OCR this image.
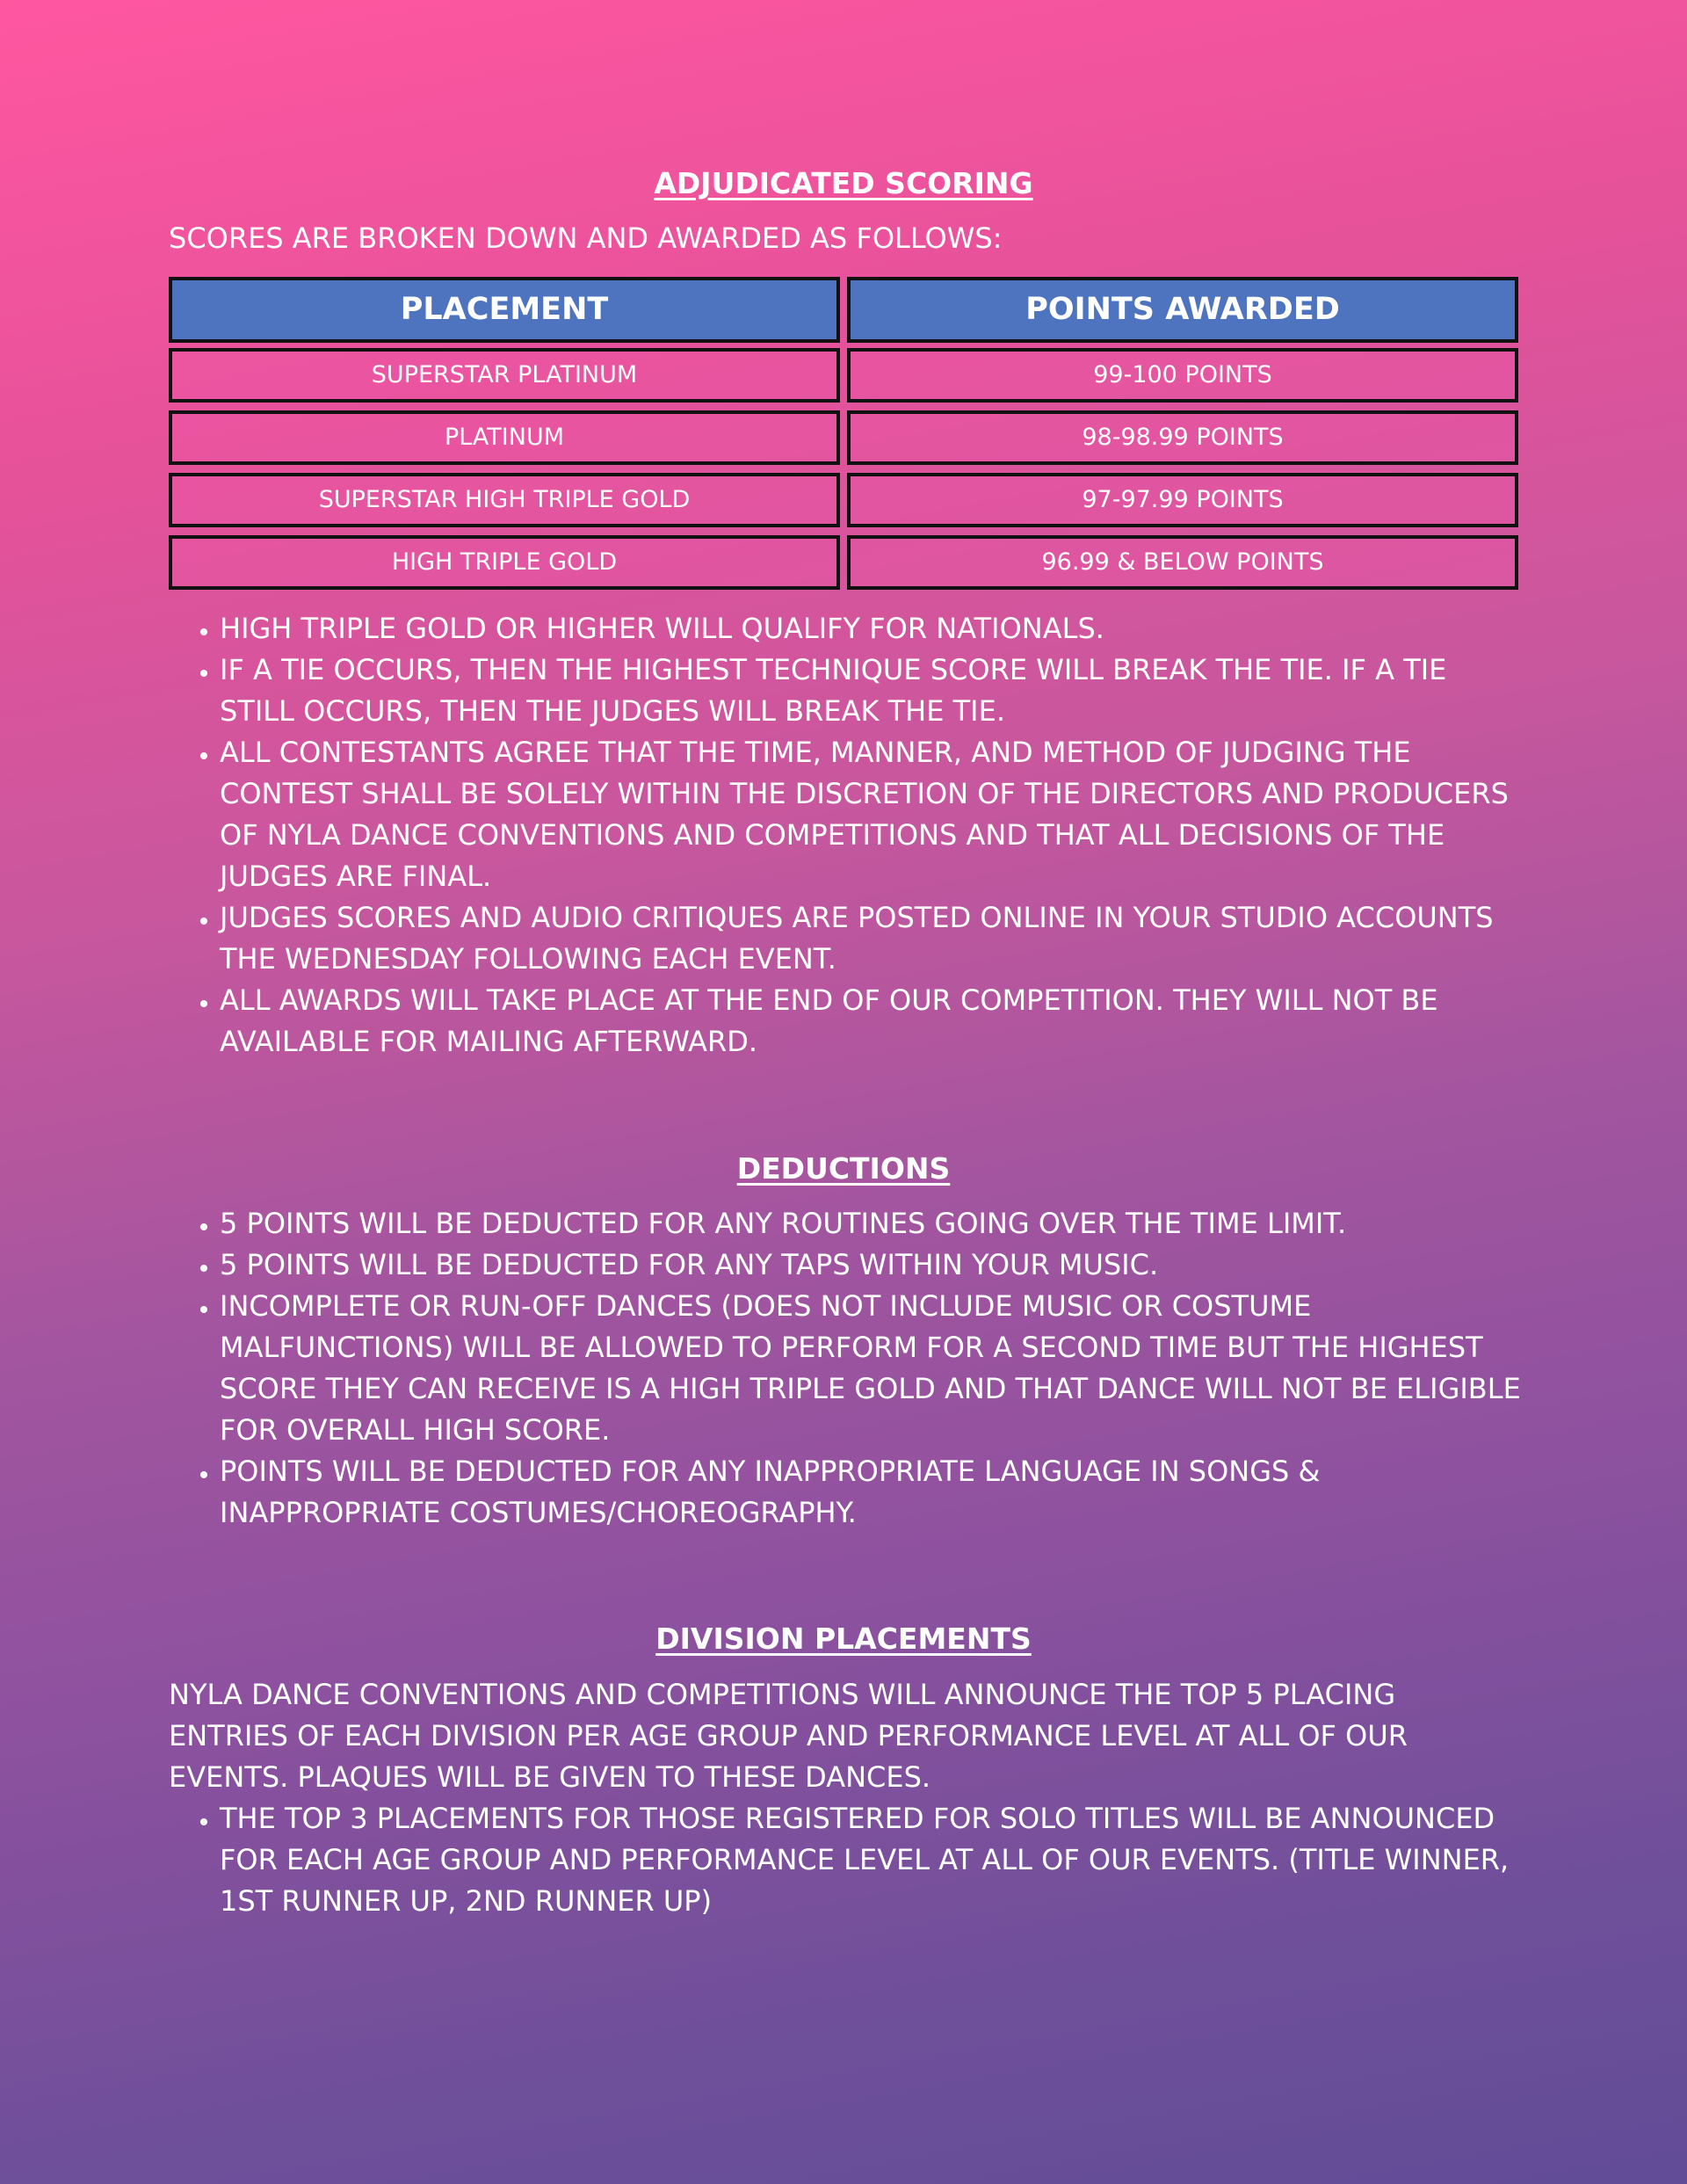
ADJUDICATED SCORING

SCORES ARE BROKEN DOWN AND AWARDED AS FOLLOWS:

PLACEMENT	POINTS AWARDED
SUPERSTAR PLATINUM	99-100 POINTS
PLATINUM	98-98.99 POINTS
SUPERSTAR HIGH TRIPLE GOLD	97-97.99 POINTS
HIGH TRIPLE GOLD	96.99 & BELOW POINTS
• HIGH TRIPLE GOLD OR HIGHER WILL QUALIFY FOR NATIONALS.
• IF A TIE OCCURS, THEN THE HIGHEST TECHNIQUE SCORE WILL BREAK THE TIE. IF A TIE STILL OCCURS, THEN THE JUDGES WILL BREAK THE TIE.
• ALL CONTESTANTS AGREE THAT THE TIME, MANNER, AND METHOD OF JUDGING THE CONTEST SHALL BE SOLELY WITHIN THE DISCRETION OF THE DIRECTORS AND PRODUCERS OF NYLA DANCE CONVENTIONS AND COMPETITIONS AND THAT ALL DECISIONS OF THE JUDGES ARE FINAL.
• JUDGES SCORES AND AUDIO CRITIQUES ARE POSTED ONLINE IN YOUR STUDIO ACCOUNTS THE WEDNESDAY FOLLOWING EACH EVENT.
• ALL AWARDS WILL TAKE PLACE AT THE END OF OUR COMPETITION. THEY WILL NOT BE AVAILABLE FOR MAILING AFTERWARD.
DEDUCTIONS
• 5 POINTS WILL BE DEDUCTED FOR ANY ROUTINES GOING OVER THE TIME LIMIT.
• 5 POINTS WILL BE DEDUCTED FOR ANY TAPS WITHIN YOUR MUSIC.
• INCOMPLETE OR RUN-OFF DANCES (DOES NOT INCLUDE MUSIC OR COSTUME MALFUNCTIONS) WILL BE ALLOWED TO PERFORM FOR A SECOND TIME BUT THE HIGHEST SCORE THEY CAN RECEIVE IS A HIGH TRIPLE GOLD AND THAT DANCE WILL NOT BE ELIGIBLE FOR OVERALL HIGH SCORE.
• POINTS WILL BE DEDUCTED FOR ANY INAPPROPRIATE LANGUAGE IN SONGS & INAPPROPRIATE COSTUMES/CHOREOGRAPHY.
DIVISION PLACEMENTS

NYLA DANCE CONVENTIONS AND COMPETITIONS WILL ANNOUNCE THE TOP 5 PLACING ENTRIES OF EACH DIVISION PER AGE GROUP AND PERFORMANCE LEVEL AT ALL OF OUR EVENTS. PLAQUES WILL BE GIVEN TO THESE DANCES.

• THE TOP 3 PLACEMENTS FOR THOSE REGISTERED FOR SOLO TITLES WILL BE ANNOUNCED FOR EACH AGE GROUP AND PERFORMANCE LEVEL AT ALL OF OUR EVENTS. (TITLE WINNER, 1ST RUNNER UP, 2ND RUNNER UP)
